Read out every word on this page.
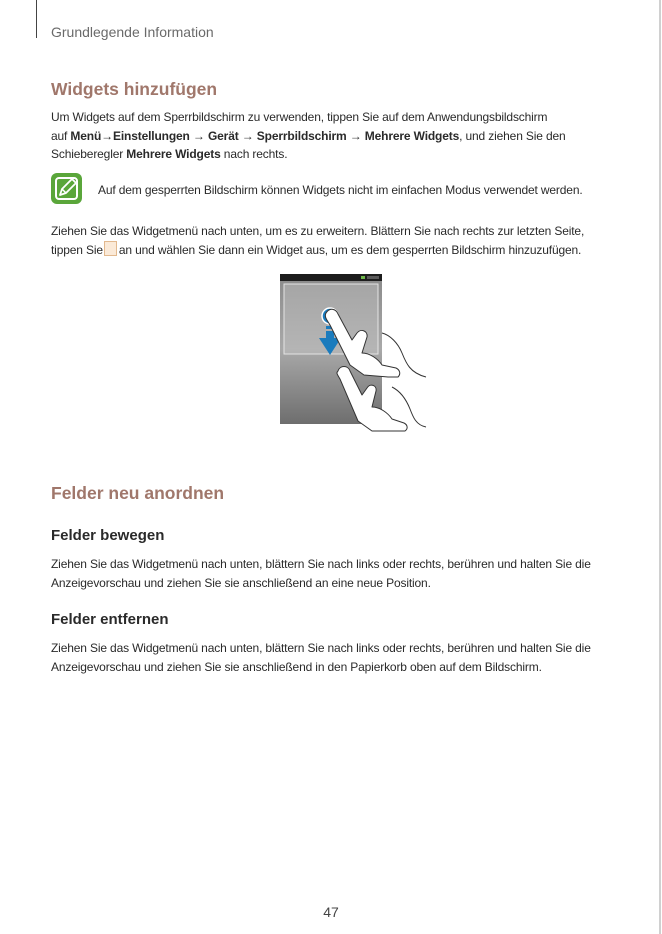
Grundlegende Information
Widgets hinzufügen
Um Widgets auf dem Sperrbildschirm zu verwenden, tippen Sie auf dem Anwendungsbildschirm
auf Menü→Einstellungen → Gerät → Sperrbildschirm → Mehrere Widgets, und ziehen Sie den
Schieberegler Mehrere Widgets nach rechts.
Auf dem gesperrten Bildschirm können Widgets nicht im einfachen Modus verwendet werden.
Ziehen Sie das Widgetmenü nach unten, um es zu erweitern. Blättern Sie nach rechts zur letzten Seite,
tippen Sie an und wählen Sie dann ein Widget aus, um es dem gesperrten Bildschirm hinzuzufügen.
Felder neu anordnen
Felder bewegen
Ziehen Sie das Widgetmenü nach unten, blättern Sie nach links oder rechts, berühren und halten Sie die
Anzeigevorschau und ziehen Sie sie anschließend an eine neue Position.
Felder entfernen
Ziehen Sie das Widgetmenü nach unten, blättern Sie nach links oder rechts, berühren und halten Sie die
Anzeigevorschau und ziehen Sie sie anschließend in den Papierkorb oben auf dem Bildschirm.
47
